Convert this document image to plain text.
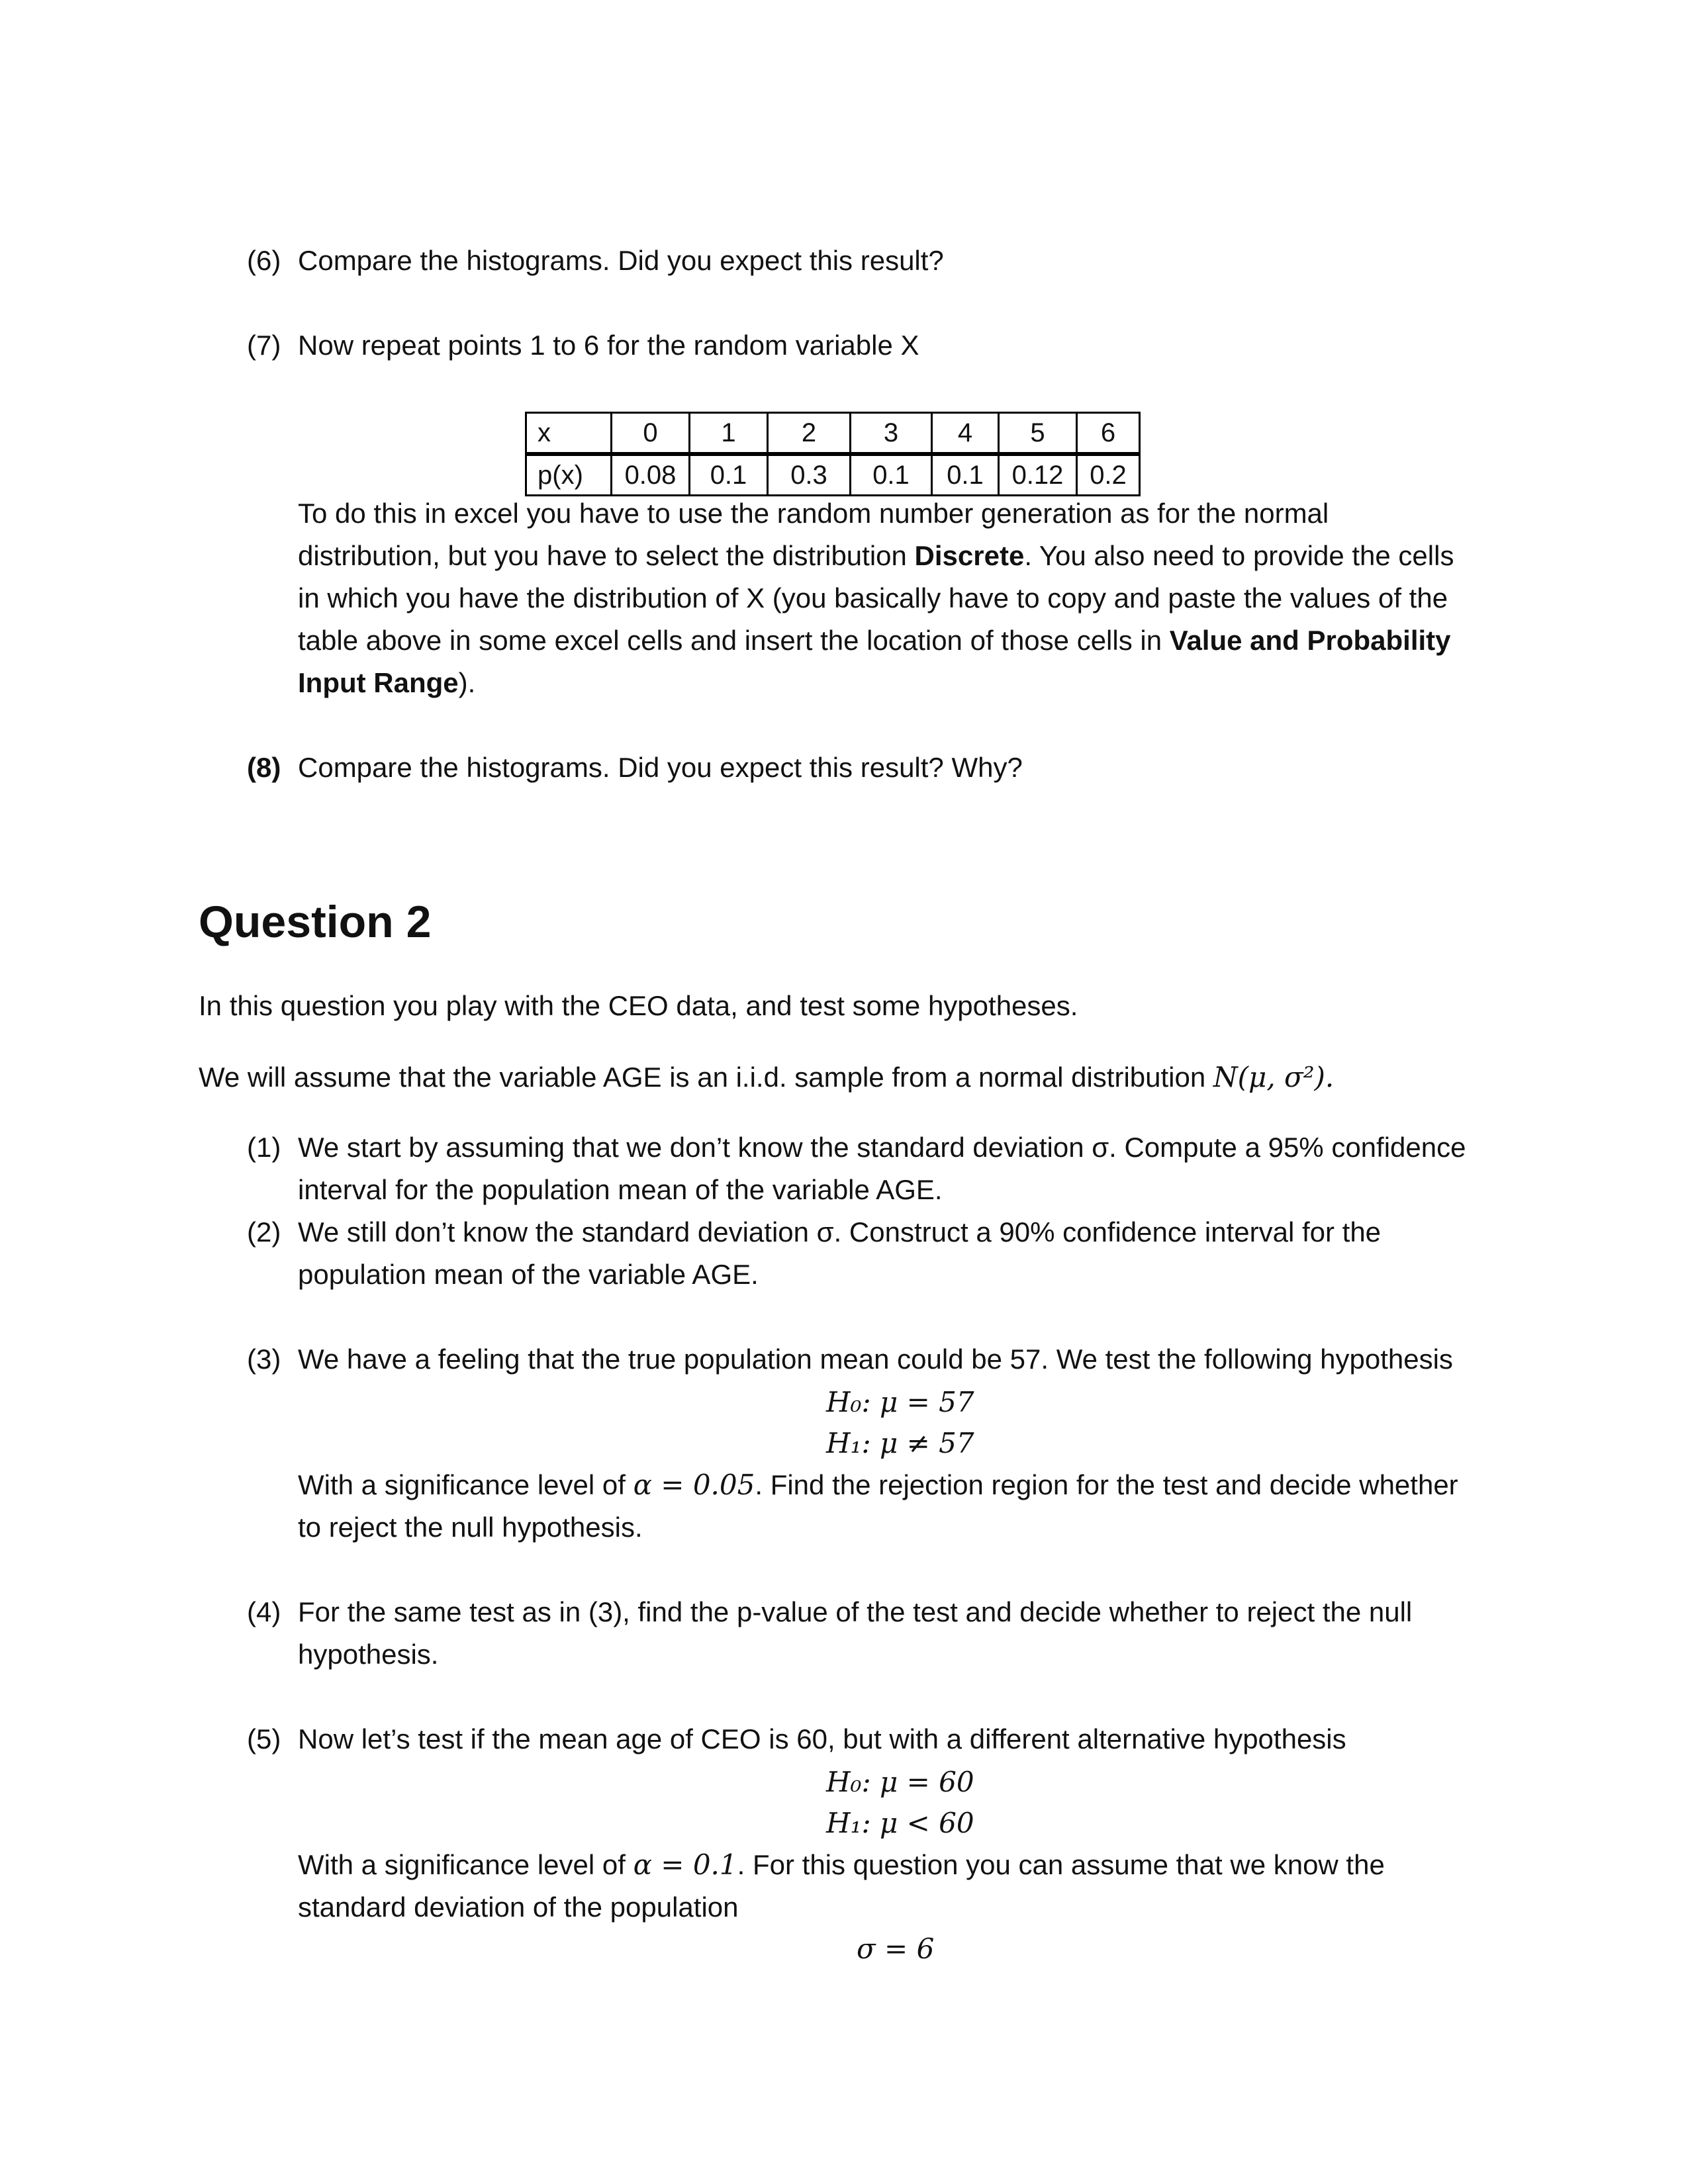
(6) Compare the histograms. Did you expect this result?
(7) Now repeat points 1 to 6 for the random variable X
x	0	1	2	3	4	5	6
p(x)	0.08	0.1	0.3	0.1	0.1	0.12	0.2
To do this in excel you have to use the random number generation as for the normal
distribution, but you have to select the distribution Discrete. You also need to provide the cells
in which you have the distribution of X (you basically have to copy and paste the values of the
table above in some excel cells and insert the location of those cells in Value and Probability
Input Range).
(8) Compare the histograms. Did you expect this result? Why?
Question 2
In this question you play with the CEO data, and test some hypotheses.
We will assume that the variable AGE is an i.i.d. sample from a normal distribution N(μ, σ²).
(1) We start by assuming that we don’t know the standard deviation σ. Compute a 95% confidence
interval for the population mean of the variable AGE.
(2) We still don’t know the standard deviation σ. Construct a 90% confidence interval for the
population mean of the variable AGE.
(3) We have a feeling that the true population mean could be 57. We test the following hypothesis
H₀: μ = 57
H₁: μ ≠ 57
With a significance level of α = 0.05. Find the rejection region for the test and decide whether
to reject the null hypothesis.
(4) For the same test as in (3), find the p-value of the test and decide whether to reject the null
hypothesis.
(5) Now let’s test if the mean age of CEO is 60, but with a different alternative hypothesis
H₀: μ = 60
H₁: μ < 60
With a significance level of α = 0.1. For this question you can assume that we know the
standard deviation of the population
σ = 6
